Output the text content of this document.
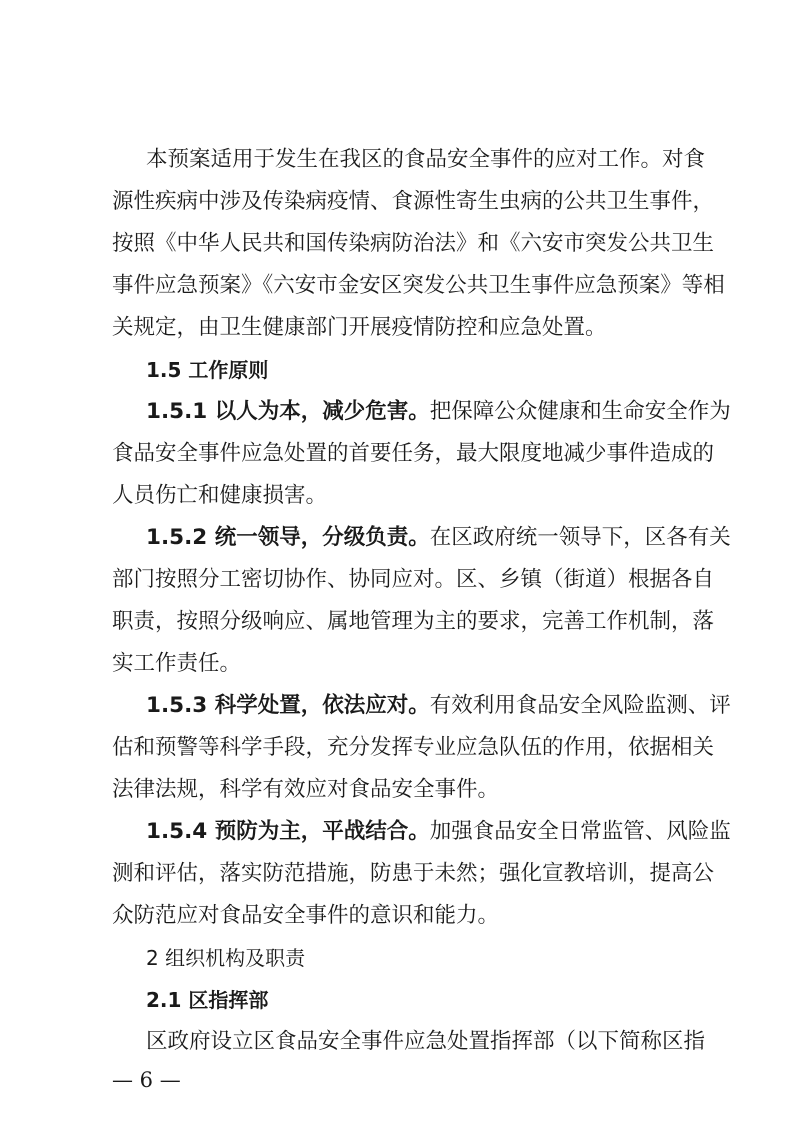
本预案适用于发生在我区的食品安全事件的应对工作。对食
源性疾病中涉及传染病疫情、食源性寄生虫病的公共卫生事件，
按照《中华人民共和国传染病防治法》和《六安市突发公共卫生
事件应急预案》《六安市金安区突发公共卫生事件应急预案》等相
关规定，由卫生健康部门开展疫情防控和应急处置。
1.5 工作原则
1.5.1 以人为本，减少危害。把保障公众健康和生命安全作为
食品安全事件应急处置的首要任务，最大限度地减少事件造成的
人员伤亡和健康损害。
1.5.2 统一领导，分级负责。在区政府统一领导下，区各有关
部门按照分工密切协作、协同应对。区、乡镇（街道）根据各自
职责，按照分级响应、属地管理为主的要求，完善工作机制，落
实工作责任。
1.5.3 科学处置，依法应对。有效利用食品安全风险监测、评
估和预警等科学手段，充分发挥专业应急队伍的作用，依据相关
法律法规，科学有效应对食品安全事件。
1.5.4 预防为主，平战结合。加强食品安全日常监管、风险监
测和评估，落实防范措施，防患于未然；强化宣教培训，提高公
众防范应对食品安全事件的意识和能力。
2 组织机构及职责
2.1 区指挥部
区政府设立区食品安全事件应急处置指挥部（以下简称区指
— 6 —
